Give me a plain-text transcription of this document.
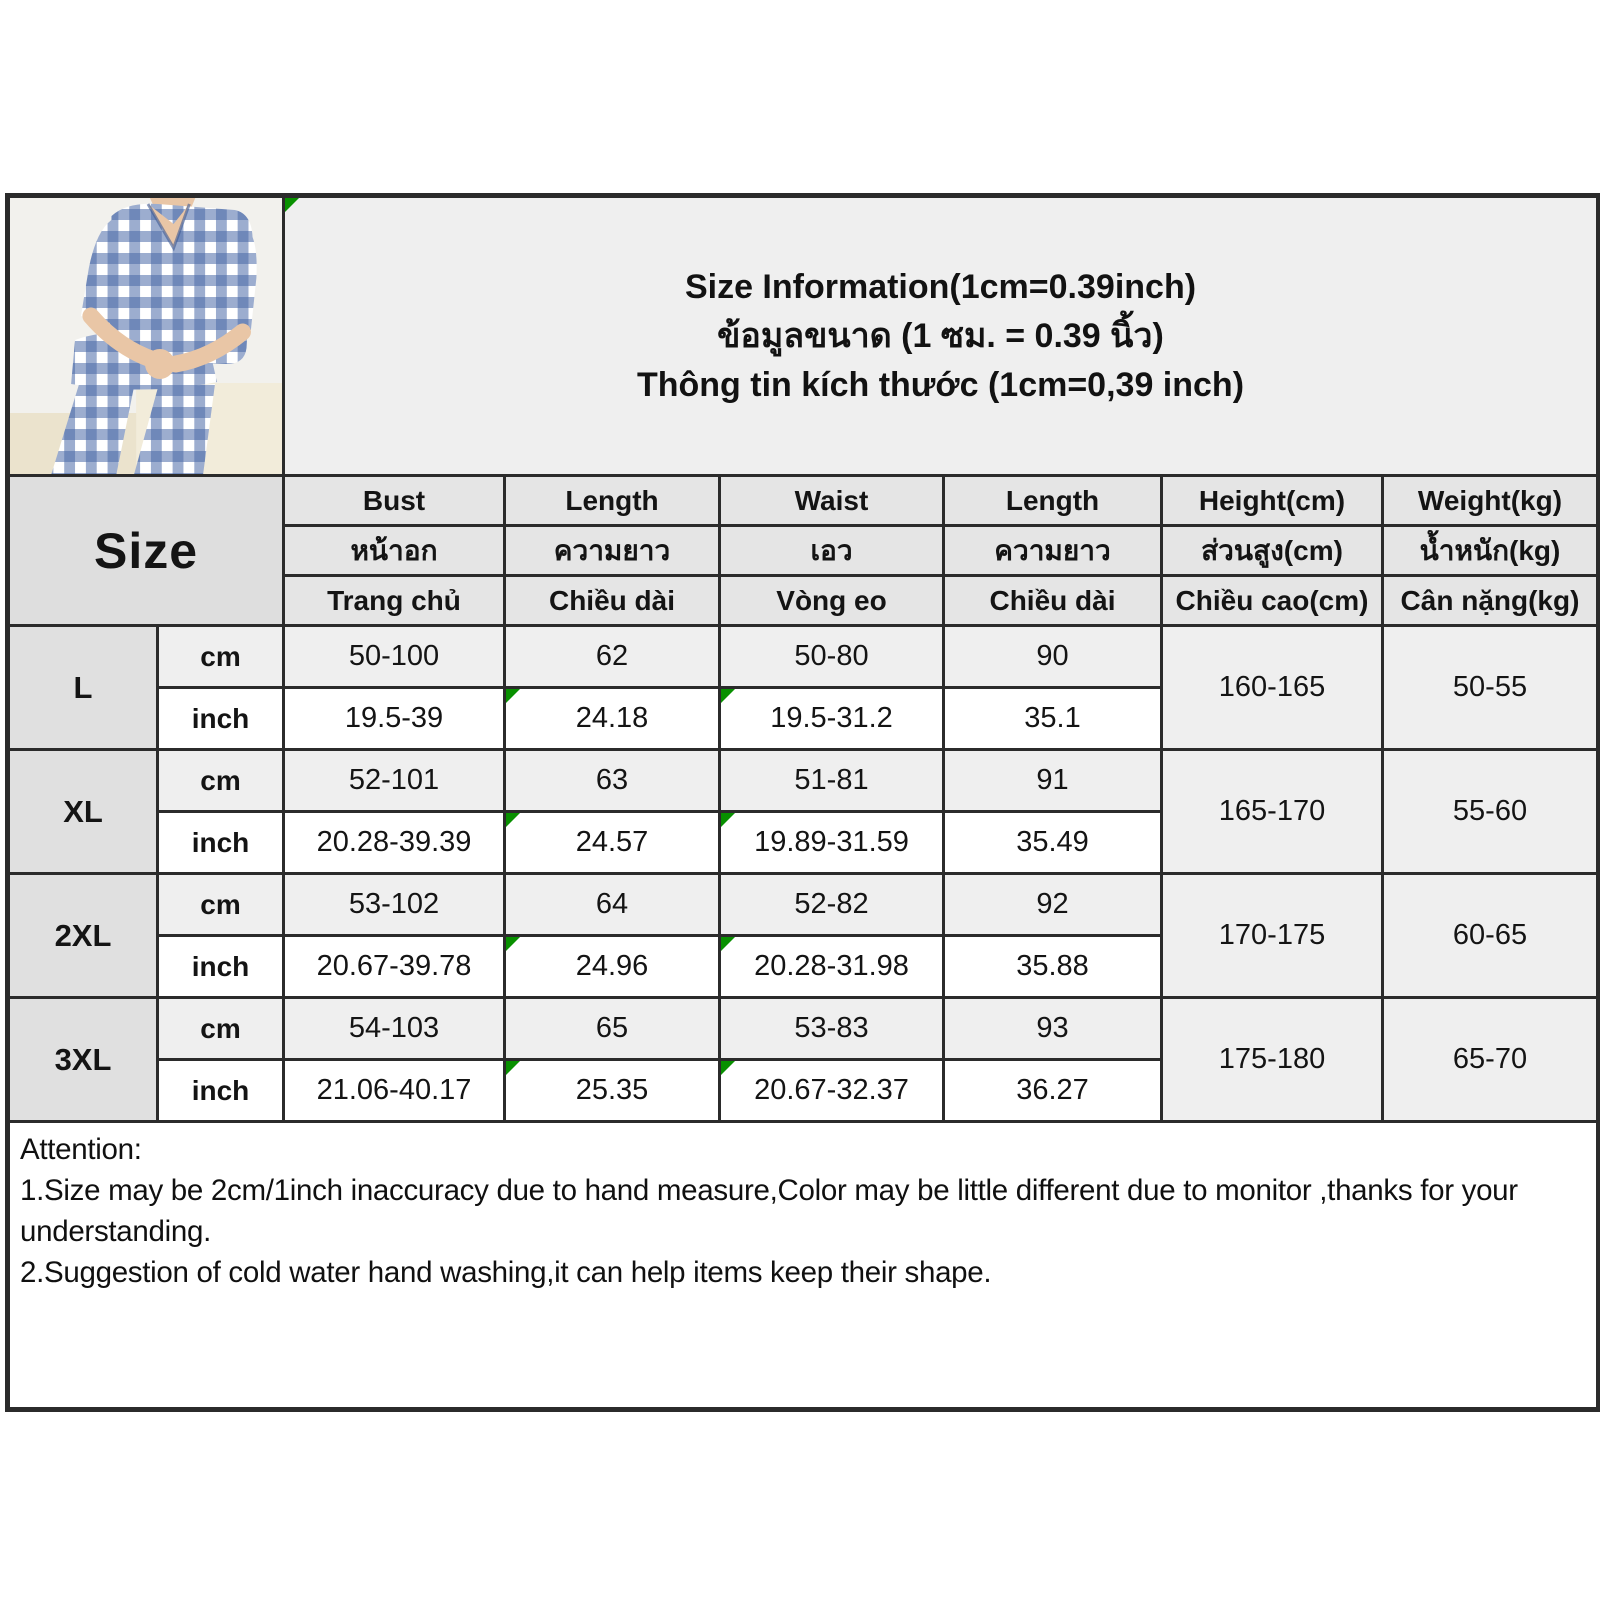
Size Information(1cm=0.39inch)
ข้อมูลขนาด (1 ซม. = 0.39 นิ้ว)
Thông tin kích thước (1cm=0,39 inch)					

Size		Bust	Length	Waist	Length	Height(cm)	Weight(kg)
		หน้าอก	ความยาว	เอว	ความยาว	ส่วนสูง(cm)	น้ำหนัก(kg)
		Trang chủ	Chiều dài	Vòng eo	Chiều dài	Chiều cao(cm)	Cân nặng(kg)
L	cm	50-100	62	50-80	90	160-165	50-55
	inch	19.5-39	24.18	19.5-31.2	35.1		
XL	cm	52-101	63	51-81	91	165-170	55-60
	inch	20.28-39.39	24.57	19.89-31.59	35.49		
2XL	cm	53-102	64	52-82	92	170-175	60-65
	inch	20.67-39.78	24.96	20.28-31.98	35.88		
3XL	cm	54-103	65	53-83	93	175-180	65-70
	inch	21.06-40.17	25.35	20.67-32.37	36.27		

Attention:

1.Size may be 2cm/1inch inaccuracy due to hand measure,Color may be little different due to monitor ,thanks for your understanding.

2.Suggestion of cold water hand washing,it can help items keep their shape.							
